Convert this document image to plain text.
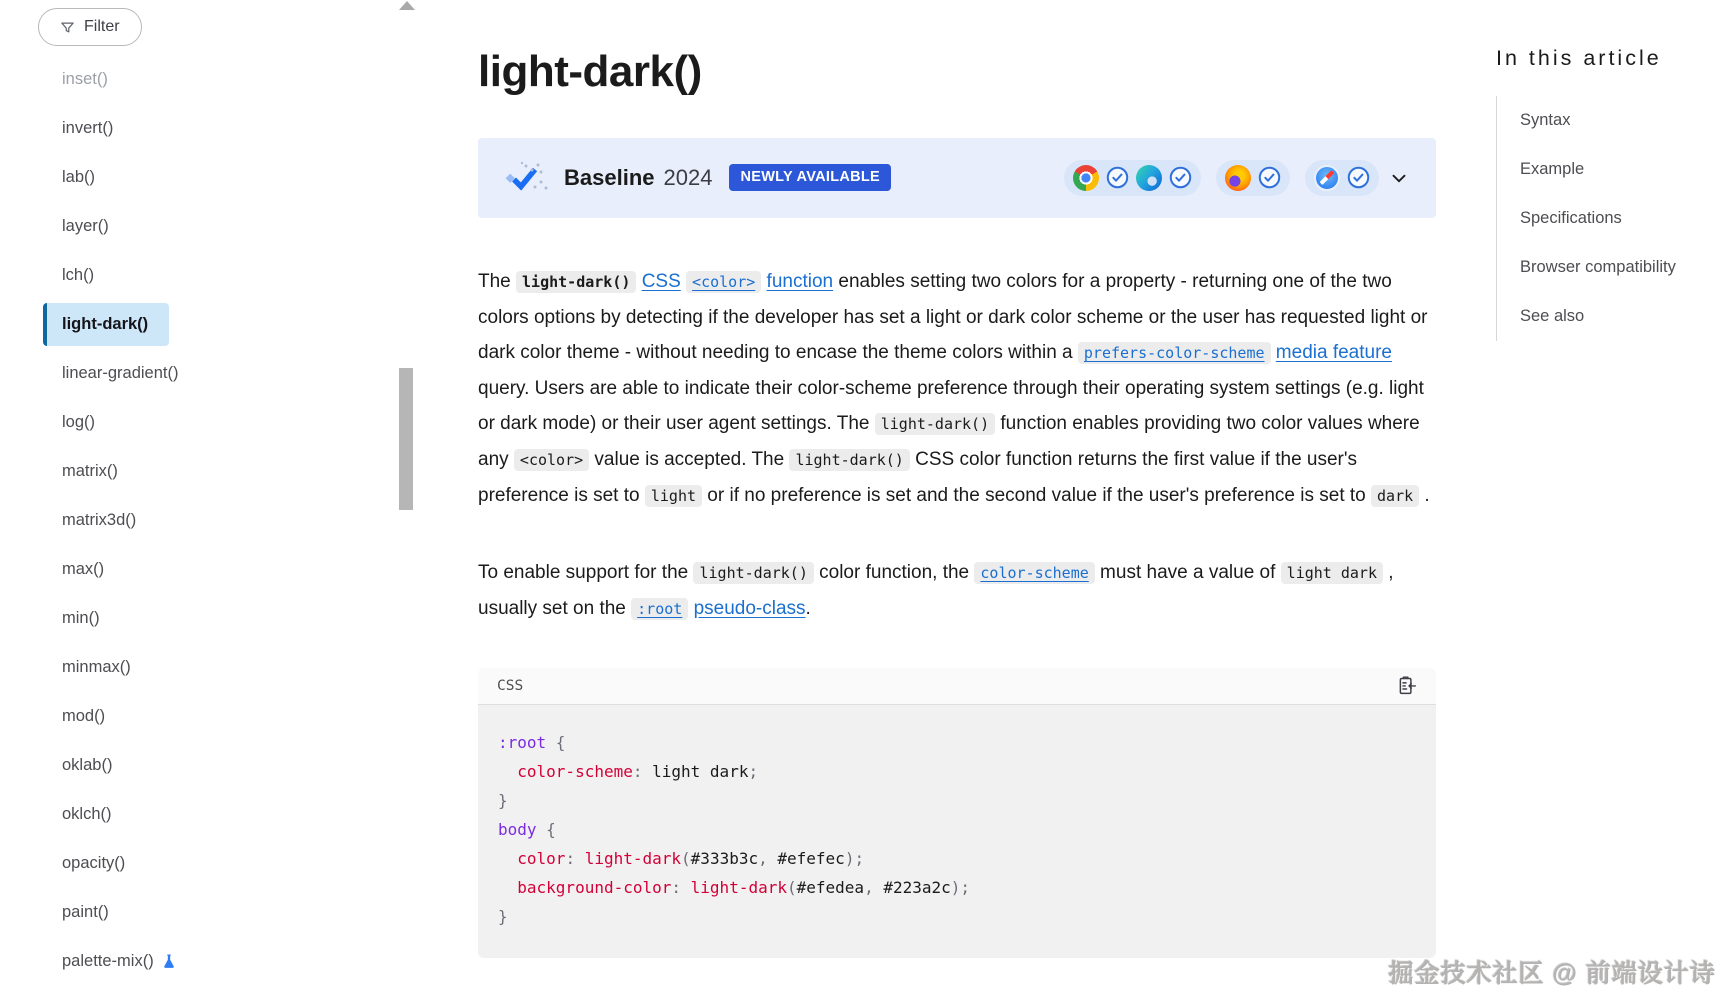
Filter
inset()
invert()
lab()
layer()
lch()
light-dark()
linear-gradient()
log()
matrix()
matrix3d()
max()
min()
minmax()
mod()
oklab()
oklch()
opacity()
paint()
palette-mix()
light-dark()
Baseline 2024	NEWLY AVAILABLE

The light-dark() CSS <color> function enables setting two colors for a property - returning one of the two colors options by detecting if the developer has set a light or dark color scheme or the user has requested light or dark color theme - without needing to encase the theme colors within a prefers-color-scheme media feature query. Users are able to indicate their color-scheme preference through their operating system settings (e.g. light or dark mode) or their user agent settings. The light-dark() function enables providing two color values where any <color> value is accepted. The light-dark() CSS color function returns the first value if the user's preference is set to light or if no preference is set and the second value if the user's preference is set to dark .

To enable support for the light-dark() color function, the color-scheme must have a value of light dark , usually set on the :root pseudo-class.

CSS
:root {
color-scheme: light dark;
}
body {
color: light-dark(#333b3c, #efefec);
background-color: light-dark(#efedea, #223a2c);
}
In this article
Syntax
Example
Specifications
Browser compatibility
See also
掘金技术社区 @ 前端设计诗
